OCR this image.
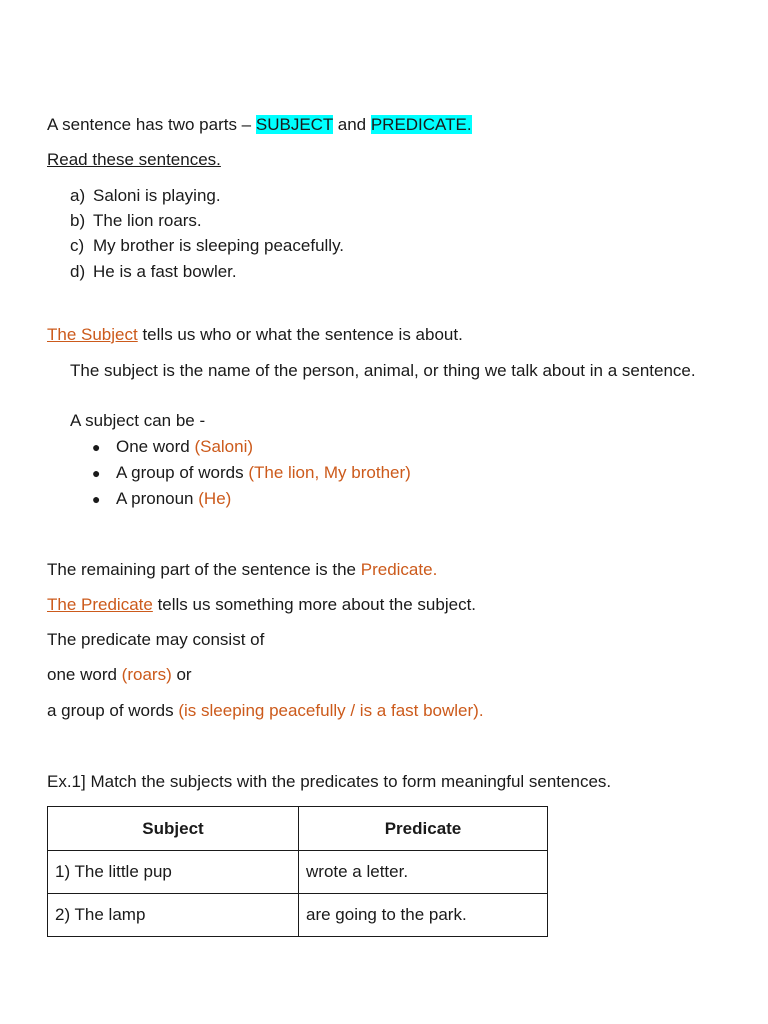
A sentence has two parts – SUBJECT and PREDICATE.
Read these sentences.
a) Saloni is playing.
b) The lion roars.
c) My brother is sleeping peacefully.
d) He is a fast bowler.
The Subject tells us who or what the sentence is about.
The subject is the name of the person, animal, or thing we talk about in a sentence.
A subject can be -
● One word (Saloni)
● A group of words (The lion, My brother)
● A pronoun (He)
The remaining part of the sentence is the Predicate.
The Predicate tells us something more about the subject.
The predicate may consist of
one word (roars) or
a group of words (is sleeping peacefully / is a fast bowler).
Ex.1] Match the subjects with the predicates to form meaningful sentences.
Subject	Predicate
1) The little pup	wrote a letter.
2) The lamp	are going to the park.
